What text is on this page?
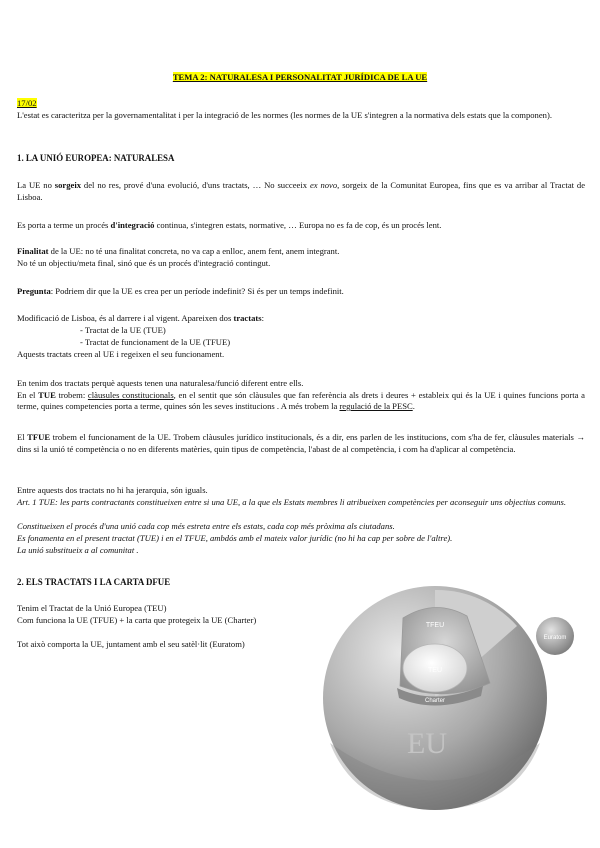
TEMA 2: NATURALESA I PERSONALITAT JURÍDICA DE LA UE

17/02

L'estat es caracteritza per la governamentalitat i per la integració de les normes (les normes de la UE s'integren a la normativa dels estats que la componen).

1. LA UNIÓ EUROPEA: NATURALESA

La UE no sorgeix del no res, prové d'una evolució, d'uns tractats, … No succeeix ex novo, sorgeix de la Comunitat Europea, fins que es va arribar al Tractat de Lisboa.

Es porta a terme un procés d'integració continua, s'integren estats, normative, … Europa no es fa de cop, és un procés lent.

Finalitat de la UE: no té una finalitat concreta, no va cap a enlloc, anem fent, anem integrant.
No té un objectiu/meta final, sinó que és un procés d'integració contingut.

Pregunta: Podriem dir que la UE es crea per un període indefinit? Si és per un temps indefinit.

Modificació de Lisboa, és al darrere i al vigent. Apareixen dos tractats:

- Tractat de la UE (TUE)
- Tractat de funcionament de la UE (TFUE)

Aquests tractats creen al UE i regeixen el seu funcionament.

En tenim dos tractats perquè aquests tenen una naturalesa/funció diferent entre ells.
En el TUE trobem: clàusules constitucionals, en el sentit que són clàusules que fan referència als drets i deures + estableix qui és la UE i quines funcions porta a terme, quines competencies porta a terme, quines són les seves institucions . A més trobem la regulació de la PESC.

El TFUE trobem el funcionament de la UE. Trobem clàusules jurídico institucionals, és a dir, ens parlen de les institucions, com s'ha de fer, clàusules materials → dins si la unió té competència o no en diferents matèries, quin tipus de competència, l'abast de al competència, i com ha d'aplicar al competència.

Entre aquests dos tractats no hi ha jerarquia, són iguals.

Art. 1 TUE: les parts contractants constitueixen entre si una UE, a la que els Estats membres li atribueixen competències per aconseguir uns objectius comuns.

Constitueixen el procés d'una unió cada cop més estreta entre els estats, cada cop més pròxima als ciutadans.

Es fonamenta en el present tractat (TUE) i en el TFUE, ambdós amb el mateix valor jurídic (no hi ha cap per sobre de l'altre).

La unió substitueix a al comunitat .

2. ELS TRACTATS I LA CARTA DFUE

Tenim el Tractat de la Unió Europea (TEU)

Com funciona la UE (TFUE) + la carta que protegeix la UE (Charter)

Tot això comporta la UE, juntament amb el seu satèl·lit (Euratom)

TFEU
TEU
Charter
EU
Euratom
